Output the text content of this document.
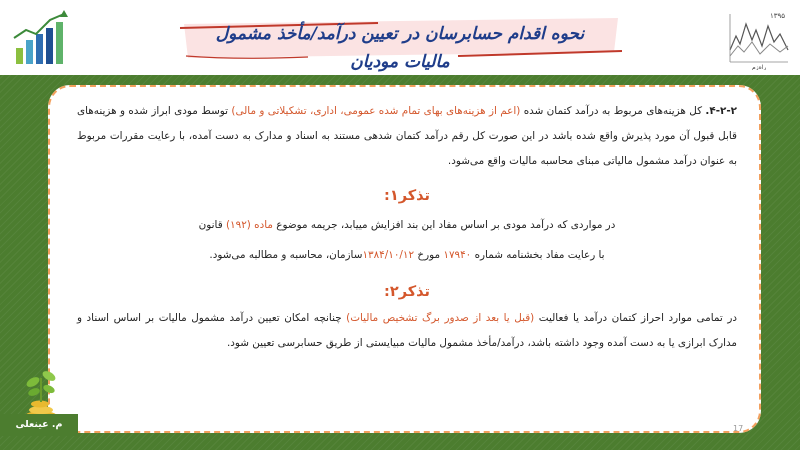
نحوه اقدام حسابرسان در تعیین درآمد/مأخذ مشمول مالیات مودیان
۱۳۹۵
راه‌زم

۴-۲-۲. کل هزینه‌های مربوط به درآمد کتمان شده (اعم از هزینه‌های بهای تمام شده عمومی، اداری، تشکیلاتی و مالی) توسط مودی ابراز شده و هزینه‌های قابل قبول آن مورد پذیرش واقع شده باشد در این صورت کل رقم درآمد کتمان شدهی مستند به اسناد و مدارک به دست آمده، با رعایت مقررات مربوط به عنوان درآمد مشمول مالیاتی مبنای محاسبه مالیات واقع می‌شود.

تذکر۱:

در مواردی که درآمد مودی بر اساس مفاد این بند افزایش مییابد، جریمه موضوع ماده (۱۹۲) قانون

با رعایت مفاد بخشنامه شماره ۱۷۹۴۰ مورخ ۱۳۸۴/۱۰/۱۲سازمان، محاسبه و مطالبه می‌شود.

تذکر۲:

در تمامی موارد احراز کتمان درآمد یا فعالیت (قبل یا بعد از صدور برگ تشخیص مالیات) چنانچه امکان تعیین درآمد مشمول مالیات بر اساس اسناد و مدارک ابرازی یا به دست آمده وجود داشته باشد، درآمد/مأخذ مشمول مالیات مبیایستی از طریق حسابرسی تعیین شود.

17
م. عینعلی
